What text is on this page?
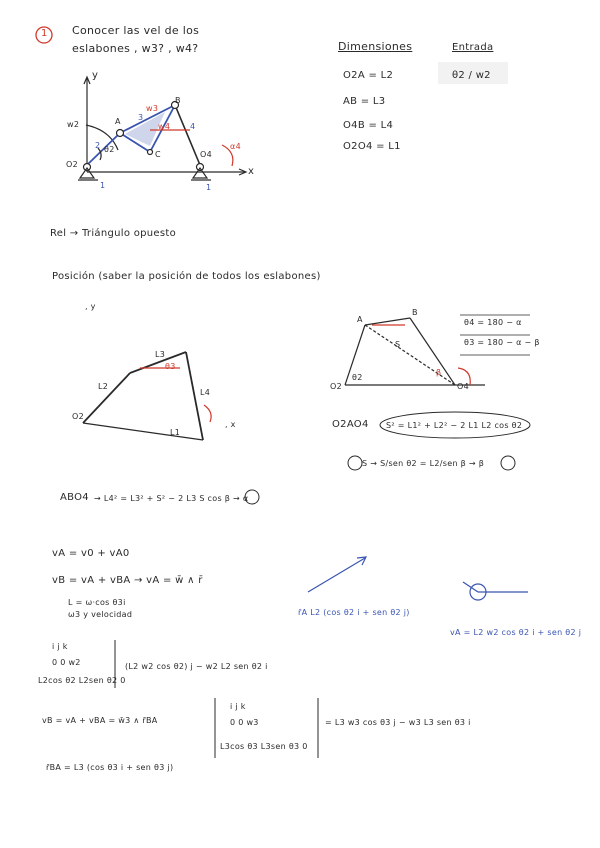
1 Conocer las vel de los
eslabones , w3? , w4?	Dimensiones
O2A = L2
AB = L3
O4B = L4
O2O4 = L1
Entrada
θ2 / w2
y
x
w2
O2
O4
A
B
C
θ2
2
3
4
1	1
w3
w4
α4
Rel → Triángulo opuesto
Posición (saber la posición de todos los eslabones)
, y
, x
O2
L2
L3
L4
L1
θ3
A
B
O2	O4
S
β
θ2
θ4 = 180 − α
θ3 = 180 − α − β
O2AO4 S² = L1² + L2² − 2 L1 L2 cos θ2
S → S/sen θ2 = L2/sen β → β
ABO4 → L4² = L3² + S² − 2 L3 S cos β → α
vA = v0 + vA0
vB = vA + vBA → vA = w̄ ∧ r̄
L = ω·cos θ3i
ω3 y velocidad	r̄A L2 (cos θ2 i + sen θ2 j)
vA = L2 w2 cos θ2 i + sen θ2 j
i j k
0 0 w2
L2cos θ2 L2sen θ2 0
(L2 w2 cos θ2) j − w2 L2 sen θ2 i
vB = vA + vBA = w̄3 ∧ r̄BA
i j k
0 0 w3
L3cos θ3 L3sen θ3 0
= L3 w3 cos θ3 j − w3 L3 sen θ3 i
r̄BA = L3 (cos θ3 i + sen θ3 j)
